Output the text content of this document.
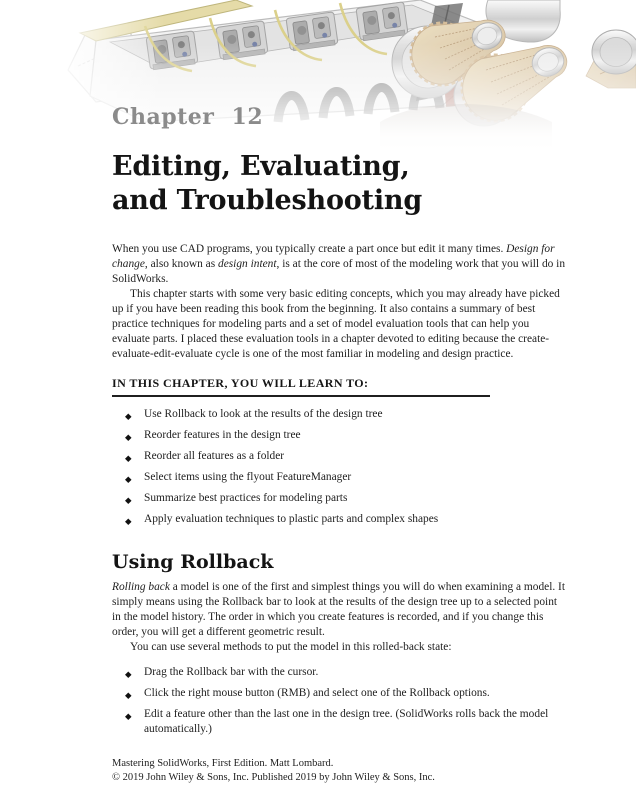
Chapter 12
Editing, Evaluating,
and Troubleshooting

When you use CAD programs, you typically create a part once but edit it many times. Design for change, also known as design intent, is at the core of most of the modeling work that you will do in SolidWorks.

This chapter starts with some very basic editing concepts, which you may already have picked up if you have been reading this book from the beginning. It also contains a summary of best practice techniques for modeling parts and a set of model evaluation tools that can help you evaluate parts. I placed these evaluation tools in a chapter devoted to editing because the create-evaluate-edit-evaluate cycle is one of the most familiar in modeling and design practice.

IN THIS CHAPTER, YOU WILL LEARN TO:
◆ Use Rollback to look at the results of the design tree
◆ Reorder features in the design tree
◆ Reorder all features as a folder
◆ Select items using the flyout FeatureManager
◆ Summarize best practices for modeling parts
◆ Apply evaluation techniques to plastic parts and complex shapes
Using Rollback

Rolling back a model is one of the first and simplest things you will do when examining a model. It simply means using the Rollback bar to look at the results of the design tree up to a selected point in the model history. The order in which you create features is recorded, and if you change this order, you will get a different geometric result.

You can use several methods to put the model in this rolled-back state:

◆ Drag the Rollback bar with the cursor.
◆ Click the right mouse button (RMB) and select one of the Rollback options.
◆ Edit a feature other than the last one in the design tree. (SolidWorks rolls back the model automatically.)
Mastering SolidWorks, First Edition. Matt Lombard.
© 2019 John Wiley & Sons, Inc. Published 2019 by John Wiley & Sons, Inc.
